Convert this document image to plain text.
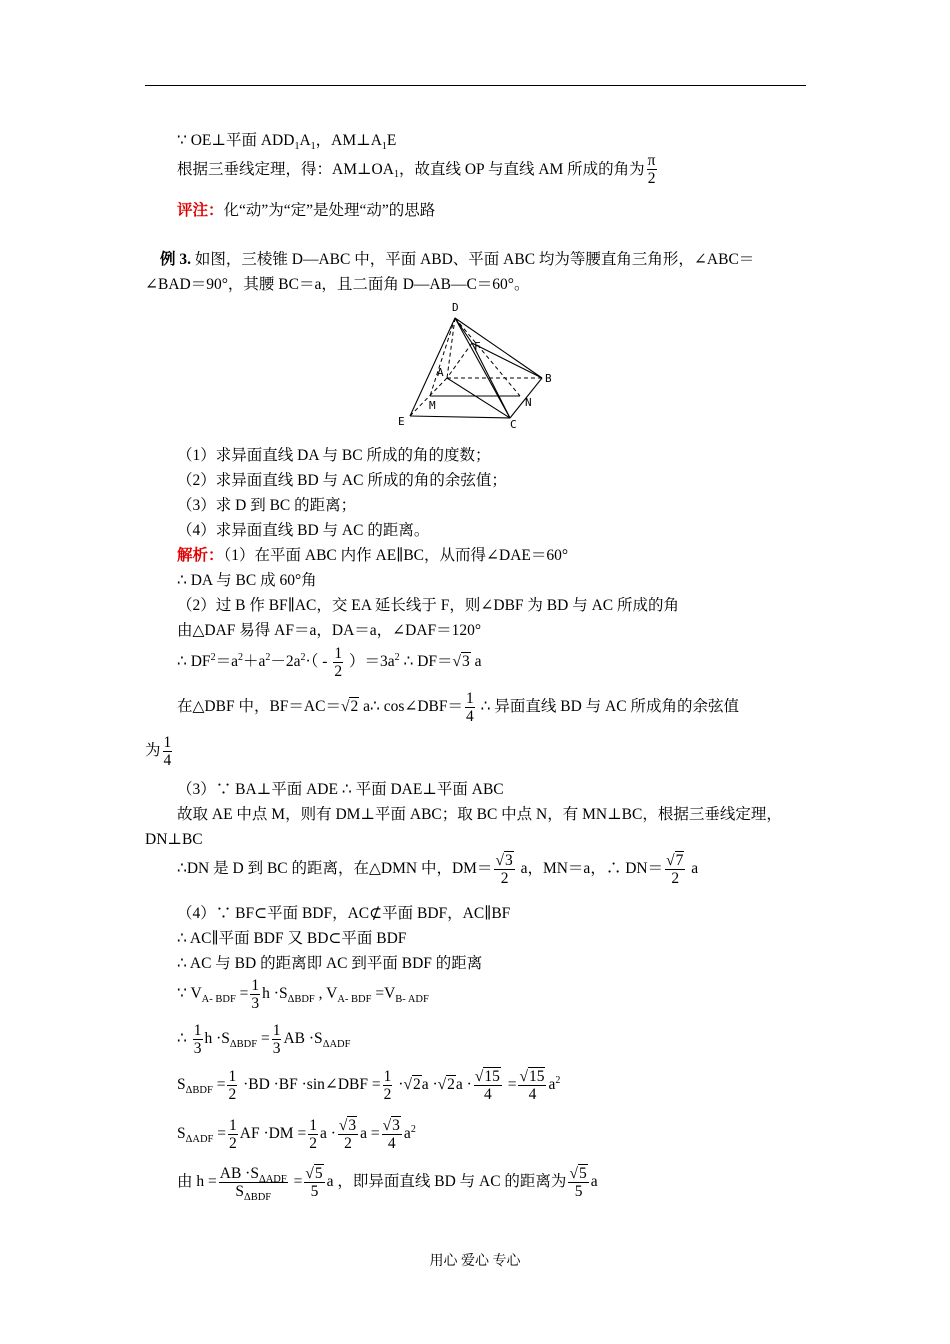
∵ OE⊥平面 $ADD_1A_1$，$AM\perp A_1E$
根据三垂线定理，得：$AM\perp OA_1$，故直线 OP 与直线 AM 所成的角为 $\frac{\pi}{2}$
评注：化“动”为“定”是处理“动”的思路
例 3. 如图，三棱锥 D—ABC 中，平面 ABD、平面 ABC 均为等腰直角三角形，∠ABC＝
∠BAD＝90°，其腰 BC＝a，且二面角 D—AB—C＝60°。
D
F
A	B
M	N
E	C
（1）求异面直线 DA 与 BC 所成的角的度数；
（2）求异面直线 BD 与 AC 所成的角的余弦值；
（3）求 D 到 BC 的距离；
（4）求异面直线 BD 与 AC 的距离。
解析：（1）在平面 ABC 内作 AE∥BC，从而得∠DAE＝60°
∴ DA 与 BC 成 60°角
（2）过 B 作 BF∥AC，交 EA 延长线于 F，则∠DBF 为 BD 与 AC 所成的角
由△DAF 易得 AF＝a，DA＝a，∠DAF＝120°
∴ $DF^2=a^2+a^2-2a^2\cdot( - \frac{1}{2} )=3a^2$ ∴ DF＝√3 a
在△DBF 中，BF＝AC＝√2 a∴ cos∠DBF＝ $\frac{1}{4}$ ∴ 异面直线 BD 与 AC 所成角的余弦值
为 $\frac{1}{4}$
（3）∵ BA⊥平面 ADE ∴ 平面 DAE⊥平面 ABC
故取 AE 中点 M，则有 DM⊥平面 ABC；取 BC 中点 N，有 MN⊥BC，根据三垂线定理，
DN⊥BC
∴DN 是 D 到 BC 的距离，在△DMN 中，$DM= \frac{√3}{2}$ a，MN＝a，∴ $DN= \frac{√7}{2}$ a
（4）∵ BF⊂平面 BDF，AC⊄平面 BDF，AC∥BF
∴ AC∥平面 BDF 又 BD⊂平面 BDF
∴ AC 与 BD 的距离即 AC 到平面 BDF 的距离
∵ $V_{A- BDF} = \frac{1}{3}$ $h \cdot S_{\Delta BDF}$ , $V_{A- BDF} =V_{B- ADF}$
∴ $\frac{1}{3}$ $h \cdot S_{\Delta BDF} = \frac{1}{3}$ AB $\cdot S_{\Delta ADF}$
$S_{\Delta BDF} = \frac{1}{2} \cdot BD \cdot BF$ ·sin∠DBF = $\frac{1}{2} \cdot√2a \cdot√2a \cdot \frac{√15}{4} = \frac{√15}{4} a^2$
$S_{\Delta ADF} = \frac{1}{2}$ AF $\cdot DM = \frac{1}{2}$ $a \cdot \frac{√3}{2}$ $a = \frac{√3}{4} a^2$
由 $h = \frac{AB \cdot S_{\Delta ADF}}{S_{\Delta BDF}} = \frac{√5}{5}$ a ，即异面直线 BD 与 AC 的距离为 $\frac{√5}{5}$ a
用心 爱心 专心
